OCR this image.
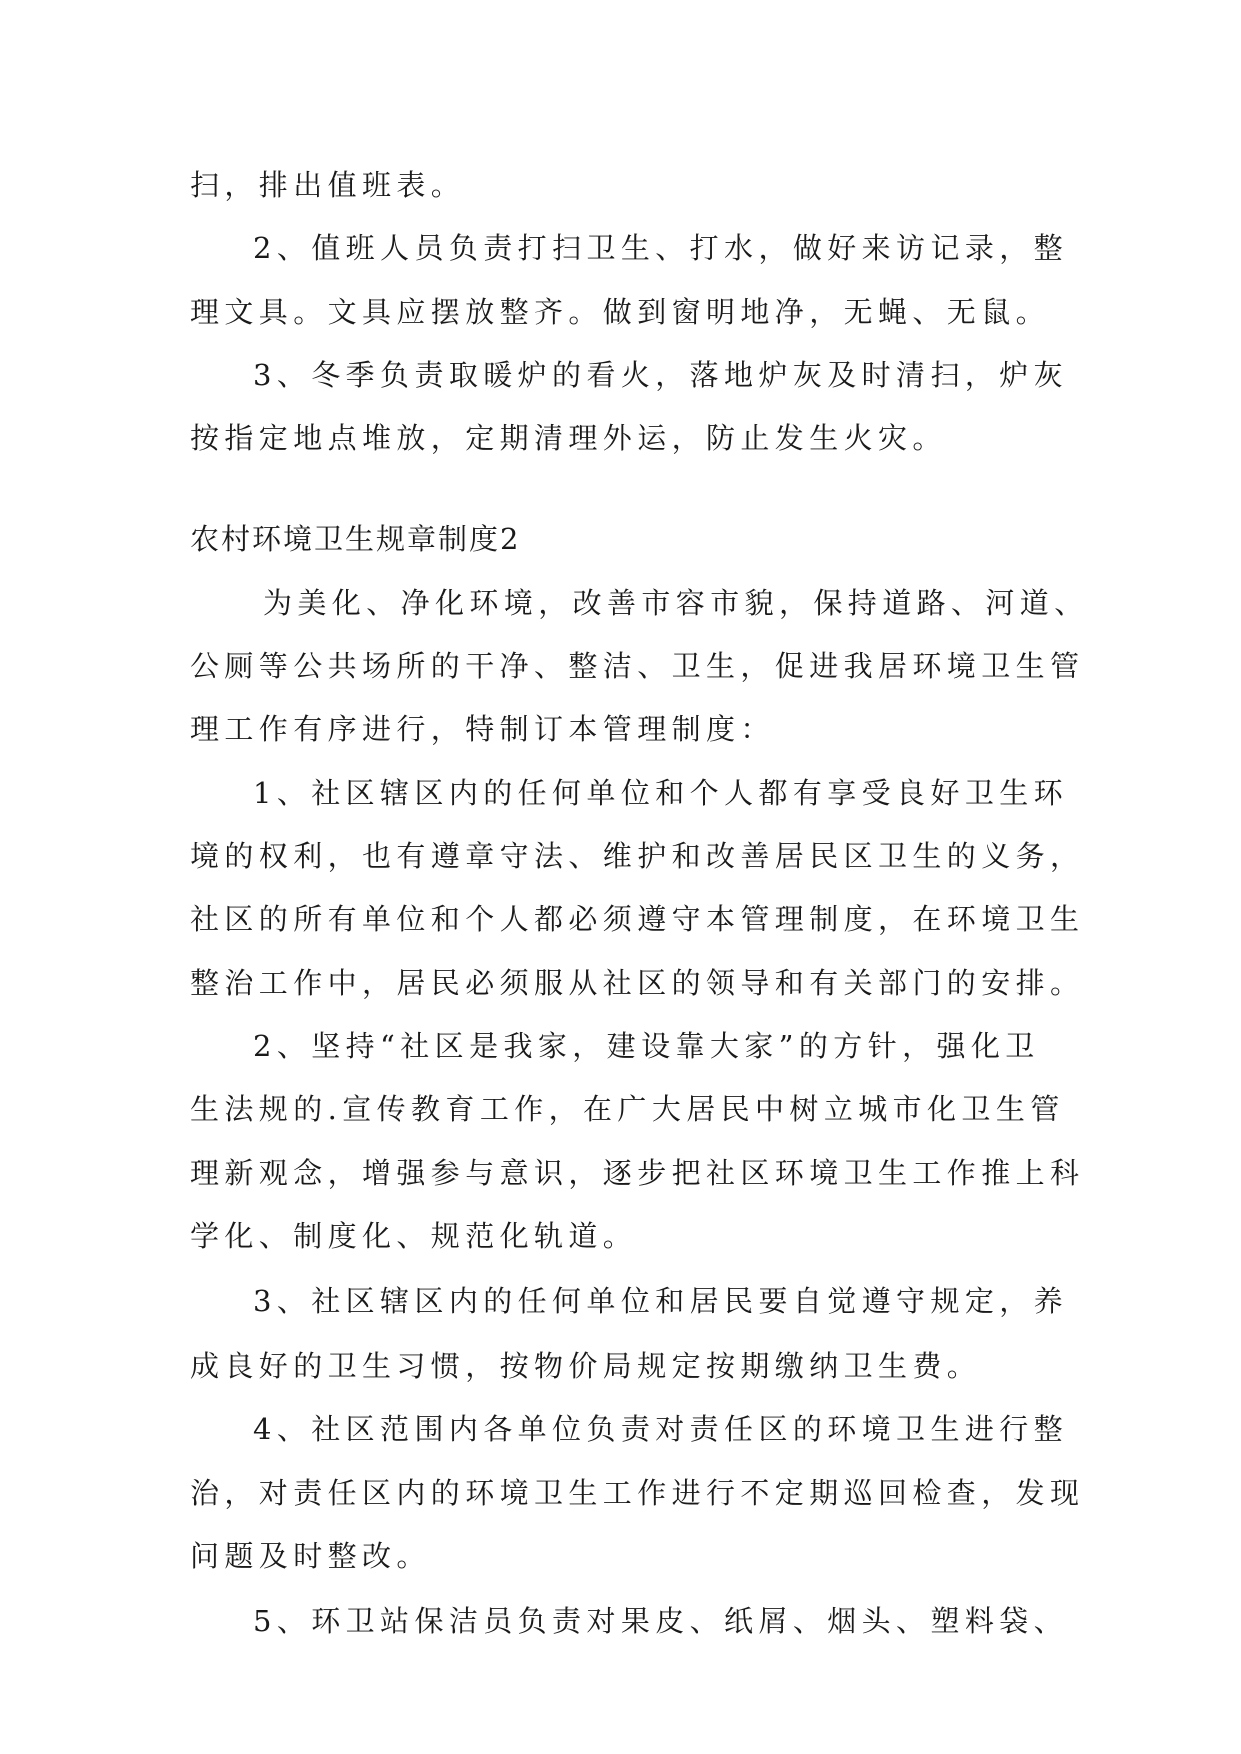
扫，排出值班表。
2、值班人员负责打扫卫生、打水，做好来访记录，整
理文具。文具应摆放整齐。做到窗明地净，无蝇、无鼠。
3、冬季负责取暖炉的看火，落地炉灰及时清扫，炉灰
按指定地点堆放，定期清理外运，防止发生火灾。
农村环境卫生规章制度2
为美化、净化环境，改善市容市貌，保持道路、河道、
公厕等公共场所的干净、整洁、卫生，促进我居环境卫生管
理工作有序进行，特制订本管理制度：
1、社区辖区内的任何单位和个人都有享受良好卫生环
境的权利，也有遵章守法、维护和改善居民区卫生的义务，
社区的所有单位和个人都必须遵守本管理制度，在环境卫生
整治工作中，居民必须服从社区的领导和有关部门的安排。
2、坚持“社区是我家，建设靠大家”的方针，强化卫
生法规的.宣传教育工作，在广大居民中树立城市化卫生管
理新观念，增强参与意识，逐步把社区环境卫生工作推上科
学化、制度化、规范化轨道。
3、社区辖区内的任何单位和居民要自觉遵守规定，养
成良好的卫生习惯，按物价局规定按期缴纳卫生费。
4、社区范围内各单位负责对责任区的环境卫生进行整
治，对责任区内的环境卫生工作进行不定期巡回检查，发现
问题及时整改。
5、环卫站保洁员负责对果皮、纸屑、烟头、塑料袋、
